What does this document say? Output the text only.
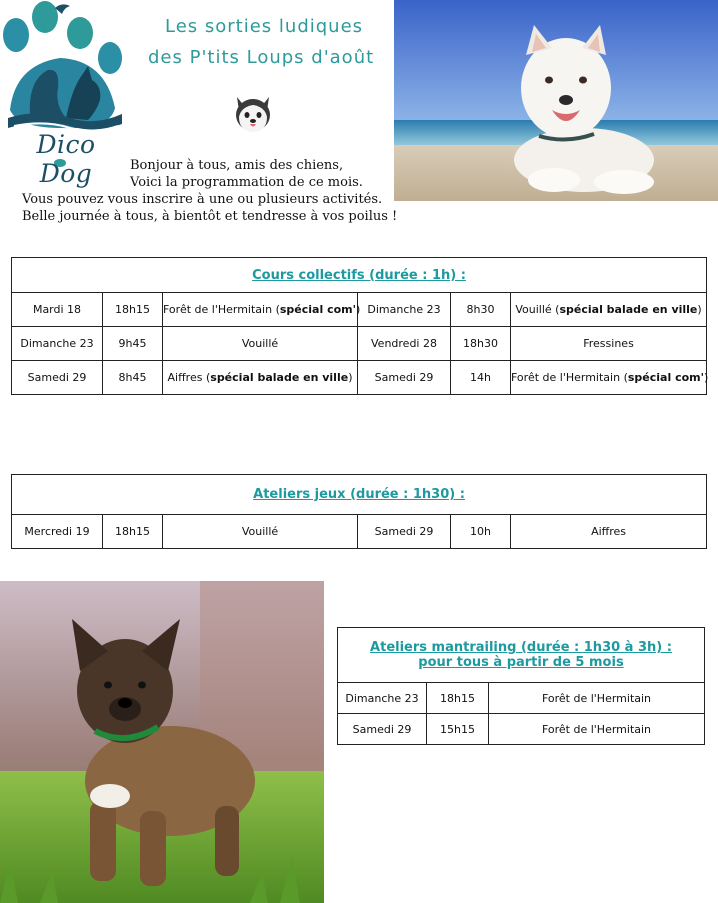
Dico Dog
Les sorties ludiques
des P'tits Loups d'août
Bonjour à tous, amis des chiens,
Voici la programmation de ce mois.
Vous pouvez vous inscrire à une ou plusieurs activités.
Belle journée à tous, à bientôt et tendresse à vos poilus !
Cours collectifs (durée : 1h) :					
Mardi 18	18h15	Forêt de l'Hermitain (spécial com')	Dimanche 23	8h30	Vouillé (spécial balade en ville)
Dimanche 23	9h45	Vouillé	Vendredi 28	18h30	Fressines
Samedi 29	8h45	Aiffres (spécial balade en ville)	Samedi 29	14h	Forêt de l'Hermitain (spécial com')
Ateliers jeux (durée : 1h30) :
Mercredi 19	18h15	Vouillé	Samedi 29	10h	Aiffres
Ateliers mantrailing (durée : 1h30 à 3h) :
pour tous à partir de 5 mois		

Dimanche 23	18h15	Forêt de l'Hermitain
Samedi 29	15h15	Forêt de l'Hermitain
